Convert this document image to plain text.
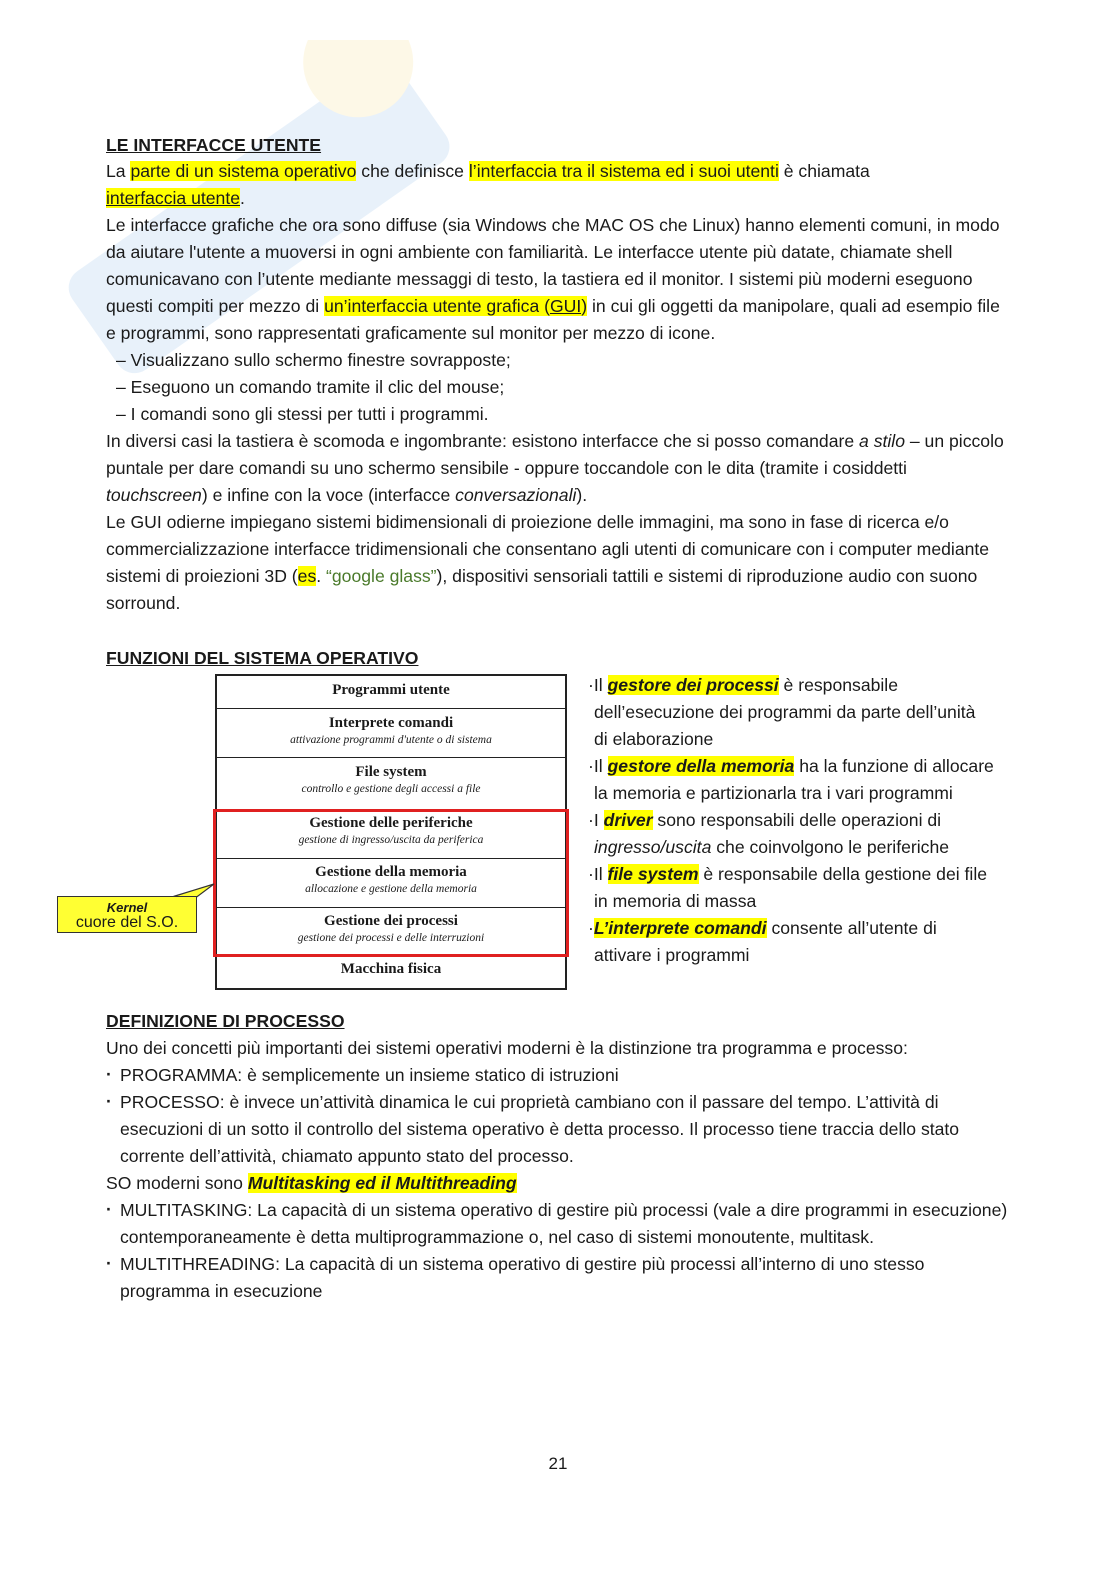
LE INTERFACCE UTENTE

La parte di un sistema operativo che definisce l’interfaccia tra il sistema ed i suoi utenti è chiamata
interfaccia utente.

Le interfacce grafiche che ora sono diffuse (sia Windows che MAC OS che Linux) hanno elementi comuni, in modo da aiutare l'utente a muoversi in ogni ambiente con familiarità. Le interfacce utente più datate, chiamate shell comunicavano con l’utente mediante messaggi di testo, la tastiera ed il monitor. I sistemi più moderni eseguono questi compiti per mezzo di un’interfaccia utente grafica (GUI) in cui gli oggetti da manipolare, quali ad esempio file e programmi, sono rappresentati graficamente sul monitor per mezzo di icone.

– Visualizzano sullo schermo finestre sovrapposte;

– Eseguono un comando tramite il clic del mouse;

– I comandi sono gli stessi per tutti i programmi.

In diversi casi la tastiera è scomoda e ingombrante: esistono interfacce che si posso comandare a stilo – un piccolo puntale per dare comandi su uno schermo sensibile - oppure toccandole con le dita (tramite i cosiddetti touchscreen) e infine con la voce (interfacce conversazionali).

Le GUI odierne impiegano sistemi bidimensionali di proiezione delle immagini, ma sono in fase di ricerca e/o commercializzazione interfacce tridimensionali che consentano agli utenti di comunicare con i computer mediante sistemi di proiezioni 3D (es. “google glass”), dispositivi sensoriali tattili e sistemi di riproduzione audio con suono sorround.

FUNZIONI DEL SISTEMA OPERATIVO
DEFINIZIONE DI PROCESSO

Uno dei concetti più importanti dei sistemi operativi moderni è la distinzione tra programma e processo:

· PROGRAMMA: è semplicemente un insieme statico di istruzioni
· PROCESSO: è invece un’attività dinamica le cui proprietà cambiano con il passare del tempo. L’attività di esecuzioni di un sotto il controllo del sistema operativo è detta processo. Il processo tiene traccia dello stato corrente dell’attività, chiamato appunto stato del processo.

SO moderni sono Multitasking ed il Multithreading

· MULTITASKING: La capacità di un sistema operativo di gestire più processi (vale a dire programmi in esecuzione) contemporaneamente è detta multiprogrammazione o, nel caso di sistemi monoutente, multitask.
· MULTITHREADING: La capacità di un sistema operativo di gestire più processi all’interno di uno stesso programma in esecuzione
Programmi utente
Interprete comandi
attivazione programmi d'utente o di sistema
File system
controllo e gestione degli accessi a file
Gestione delle periferiche
gestione di ingresso/uscita da periferica
Gestione della memoria
allocazione e gestione della memoria
Gestione dei processi
gestione dei processi e delle interruzioni
Macchina fisica
Kernel
cuore del S.O.

·Il gestore dei processi è responsabile

dell’esecuzione dei programmi da parte dell’unità

di elaborazione

·Il gestore della memoria ha la funzione di allocare

la memoria e partizionarla tra i vari programmi

·I driver sono responsabili delle operazioni di

ingresso/uscita che coinvolgono le periferiche

·Il file system è responsabile della gestione dei file

in memoria di massa

·L’interprete comandi consente all’utente di

attivare i programmi

21
